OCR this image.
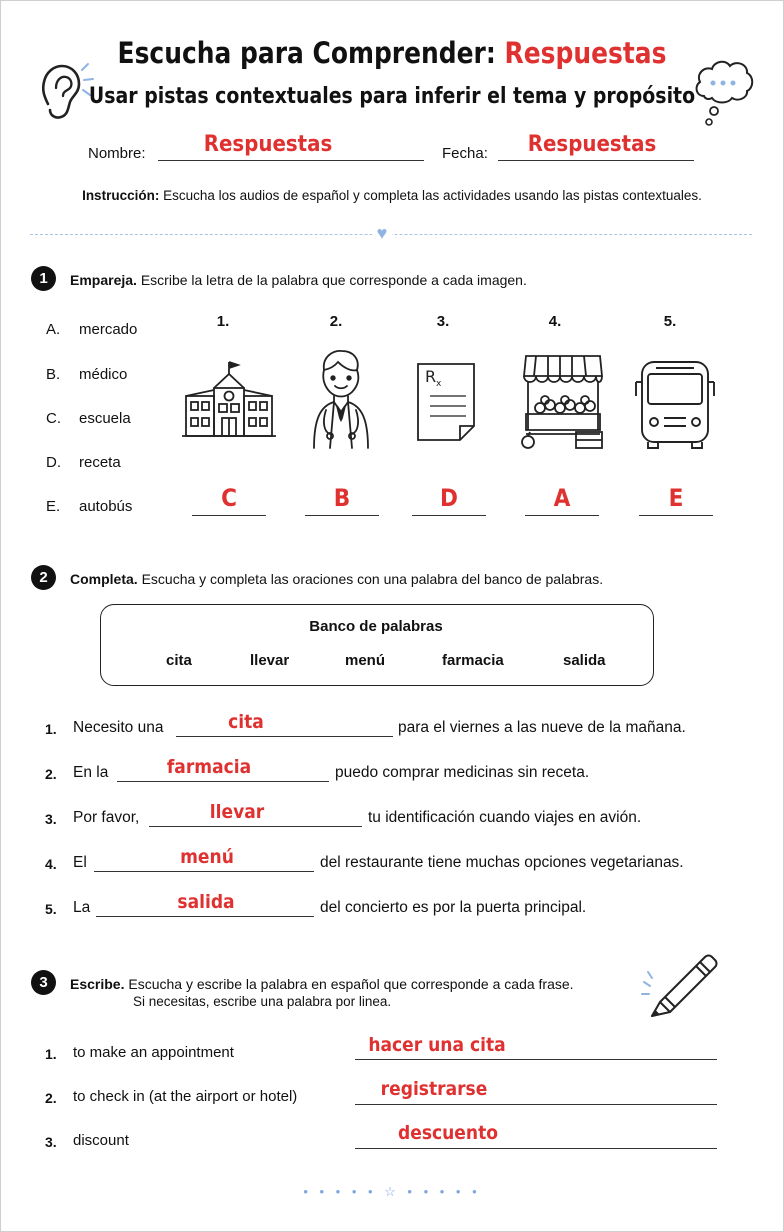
Escucha para Comprender: Respuestas
Usar pistas contextuales para inferir el tema y propósito
Nombre:	Respuestas	Fecha:	Respuestas
Instrucción: Escucha los audios de español y completa las actividades usando las pistas contextuales.
♥
1	Empareja. Escribe la letra de la palabra que corresponde a cada imagen.
A. mercado
B. médico
C. escuela
D. receta
E. autobús
1.	2.	3.	4.	5.
R x
C	B	D	A	E
2	Completa. Escucha y completa las oraciones con una palabra del banco de palabras.
Banco de palabras
cita	llevar	menú	farmacia	salida
1. Necesito una	cita	para el viernes a las nueve de la mañana.
2. En la	farmacia	puedo comprar medicinas sin receta.
3. Por favor,	llevar	tu identificación cuando viajes en avión.
4. El	menú	del restaurante tiene muchas opciones vegetarianas.
5. La	salida	del concierto es por la puerta principal.
3	Escribe. Escucha y escribe la palabra en español que corresponde a cada frase.
Si necesitas, escribe una palabra por linea.
1. to make an appointment	hacer una cita
2. to check in (at the airport or hotel)	registrarse
3. discount	descuento
• • • • • ☆ • • • • •
